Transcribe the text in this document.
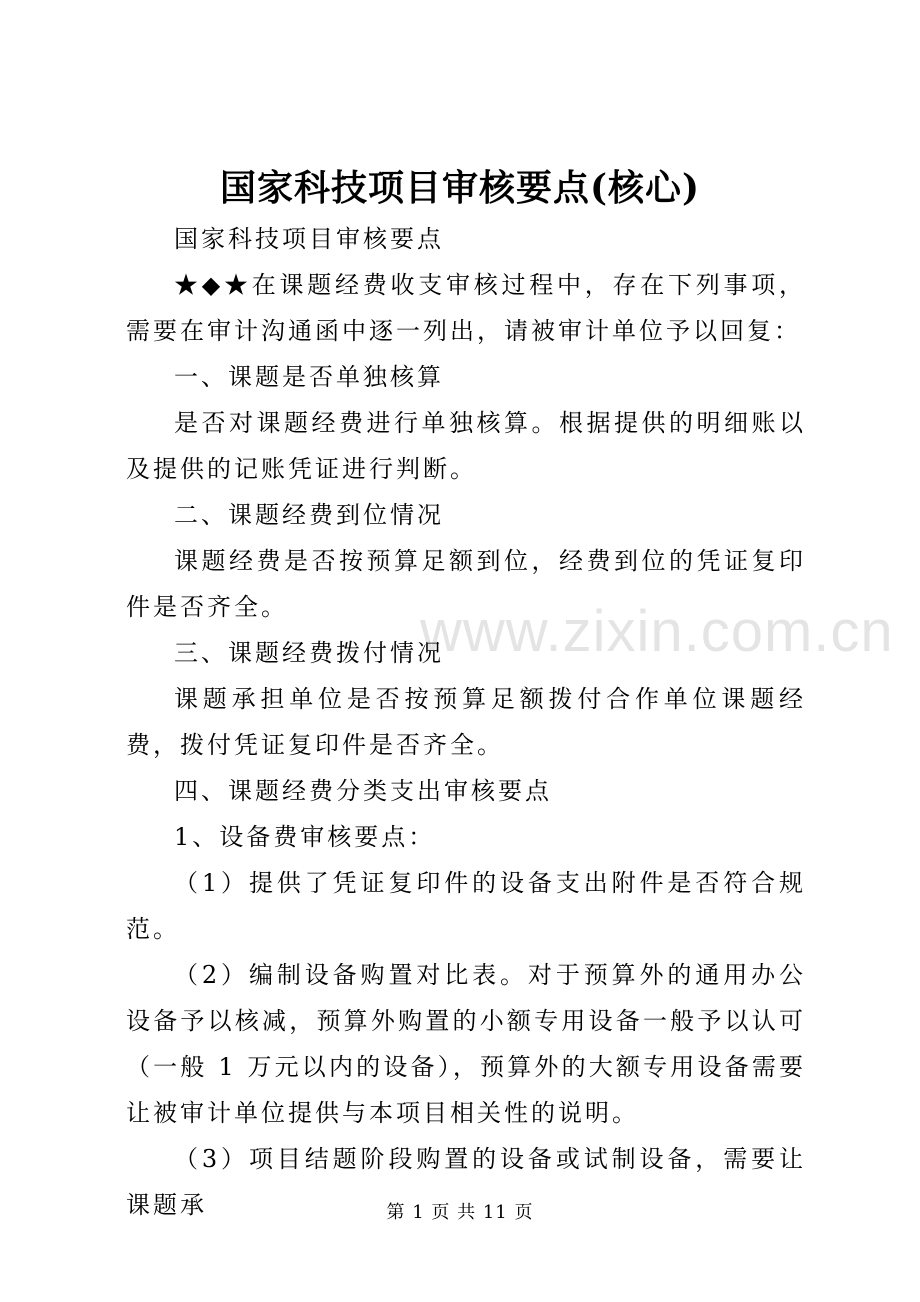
国家科技项目审核要点(核心)

国家科技项目审核要点

★◆★在课题经费收支审核过程中，存在下列事项，需要在审计沟通函中逐一列出，请被审计单位予以回复：

一、课题是否单独核算

是否对课题经费进行单独核算。根据提供的明细账以及提供的记账凭证进行判断。

二、课题经费到位情况

课题经费是否按预算足额到位，经费到位的凭证复印件是否齐全。

三、课题经费拨付情况

课题承担单位是否按预算足额拨付合作单位课题经费，拨付凭证复印件是否齐全。

四、课题经费分类支出审核要点

1、设备费审核要点：

（1）提供了凭证复印件的设备支出附件是否符合规范。

（2）编制设备购置对比表。对于预算外的通用办公设备予以核减，预算外购置的小额专用设备一般予以认可（一般 1 万元以内的设备），预算外的大额专用设备需要让被审计单位提供与本项目相关性的说明。

（3）项目结题阶段购置的设备或试制设备，需要让课题承

www.zixin.com.cn
第 1 页 共 11 页
